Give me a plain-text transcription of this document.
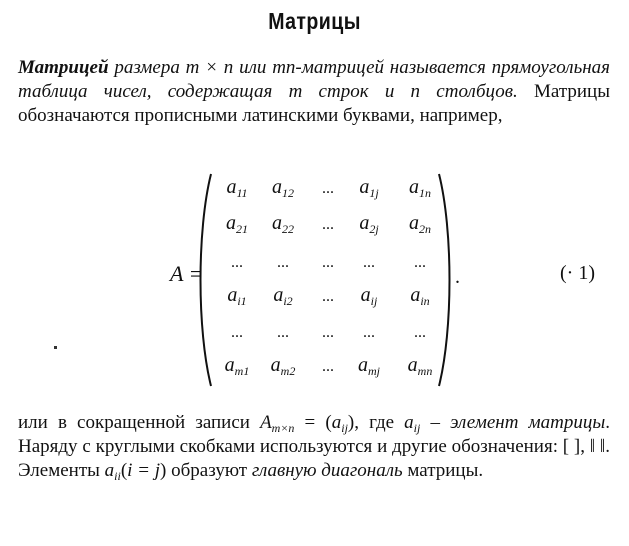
Матрицы
Матрицей размера m × n или mn-матрицей называется прямоугольная таблица чисел, содержащая m строк и n столбцов. Матрицы обозначаются прописными латинскими буквами, например,
A =
$a_{11}$ $a_{12}$ ... $a_{1j}$ $a_{1n}$
$a_{21}$ $a_{22}$ ... $a_{2j}$ $a_{2n}$
... ... ... ... ...
$a_{i1}$ $a_{i2}$ ... $a_{ij}$ $a_{in}$
... ... ... ... ...
$a_{m1}$ $a_{m2}$ ... $a_{mj}$ $a_{mn}$
.	(· 1)
или в сокращенной записи $A_{m\times n} = (a_{ij})$, где $a_{ij}$ – элемент матрицы. Наряду с круглыми скобками используются и другие обозначения: [ ], ‖ ‖. Элементы $a_{ii}(i = j)$ образуют главную диагональ матрицы.
